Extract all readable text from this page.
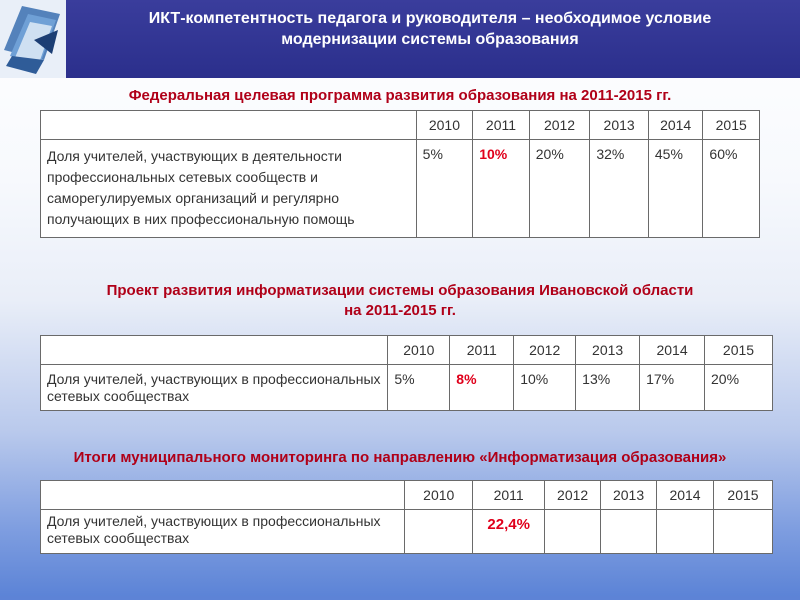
ИКТ-компетентность педагога и руководителя – необходимое условие
модернизации системы образования
Федеральная целевая программа развития образования на 2011-2015 гг.
	2010	2011	2012	2013	2014	2015
Доля учителей, участвующих в деятельности профессиональных сетевых сообществ и саморегулируемых организаций и регулярно получающих в них профессиональную помощь	5%	10%	20%	32%	45%	60%
Проект развития информатизации системы образования Ивановской области
на 2011-2015 гг.
	2010	2011	2012	2013	2014	2015
Доля учителей, участвующих в профессиональных сетевых сообществах	5%	8%	10%	13%	17%	20%
Итоги муниципального мониторинга по направлению «Информатизация образования»
	2010	2011	2012	2013	2014	2015
Доля учителей, участвующих в профессиональных сетевых сообществах		22,4%				
